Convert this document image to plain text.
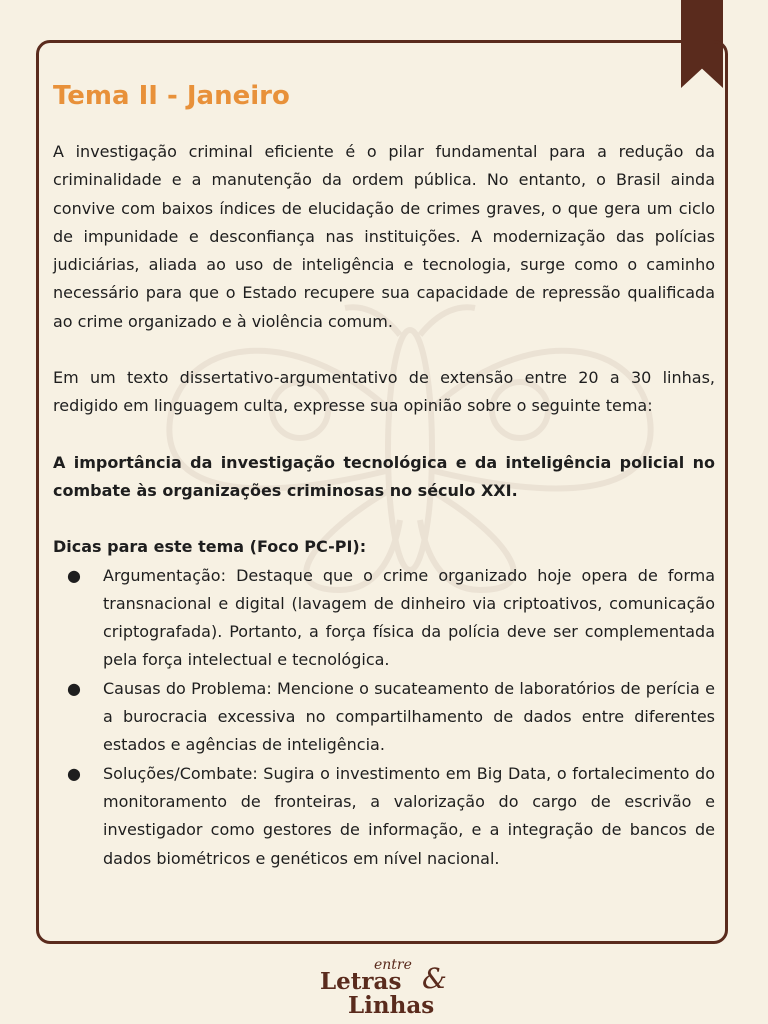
Tema II - Janeiro

A investigação criminal eficiente é o pilar fundamental para a redução da criminalidade e a manutenção da ordem pública. No entanto, o Brasil ainda convive com baixos índices de elucidação de crimes graves, o que gera um ciclo de impunidade e desconfiança nas instituições. A modernização das polícias judiciárias, aliada ao uso de inteligência e tecnologia, surge como o caminho necessário para que o Estado recupere sua capacidade de repressão qualificada ao crime organizado e à violência comum.

Em um texto dissertativo-argumentativo de extensão entre 20 a 30 linhas, redigido em linguagem culta, expresse sua opinião sobre o seguinte tema:

A importância da investigação tecnológica e da inteligência policial no combate às organizações criminosas no século XXI.

Dicas para este tema (Foco PC-PI):
● Argumentação: Destaque que o crime organizado hoje opera de forma transnacional e digital (lavagem de dinheiro via criptoativos, comunicação criptografada). Portanto, a força física da polícia deve ser complementada pela força intelectual e tecnológica.
● Causas do Problema: Mencione o sucateamento de laboratórios de perícia e a burocracia excessiva no compartilhamento de dados entre diferentes estados e agências de inteligência.
● Soluções/Combate: Sugira o investimento em Big Data, o fortalecimento do monitoramento de fronteiras, a valorização do cargo de escrivão e investigador como gestores de informação, e a integração de bancos de dados biométricos e genéticos em nível nacional.
entre
Letras &
Linhas
